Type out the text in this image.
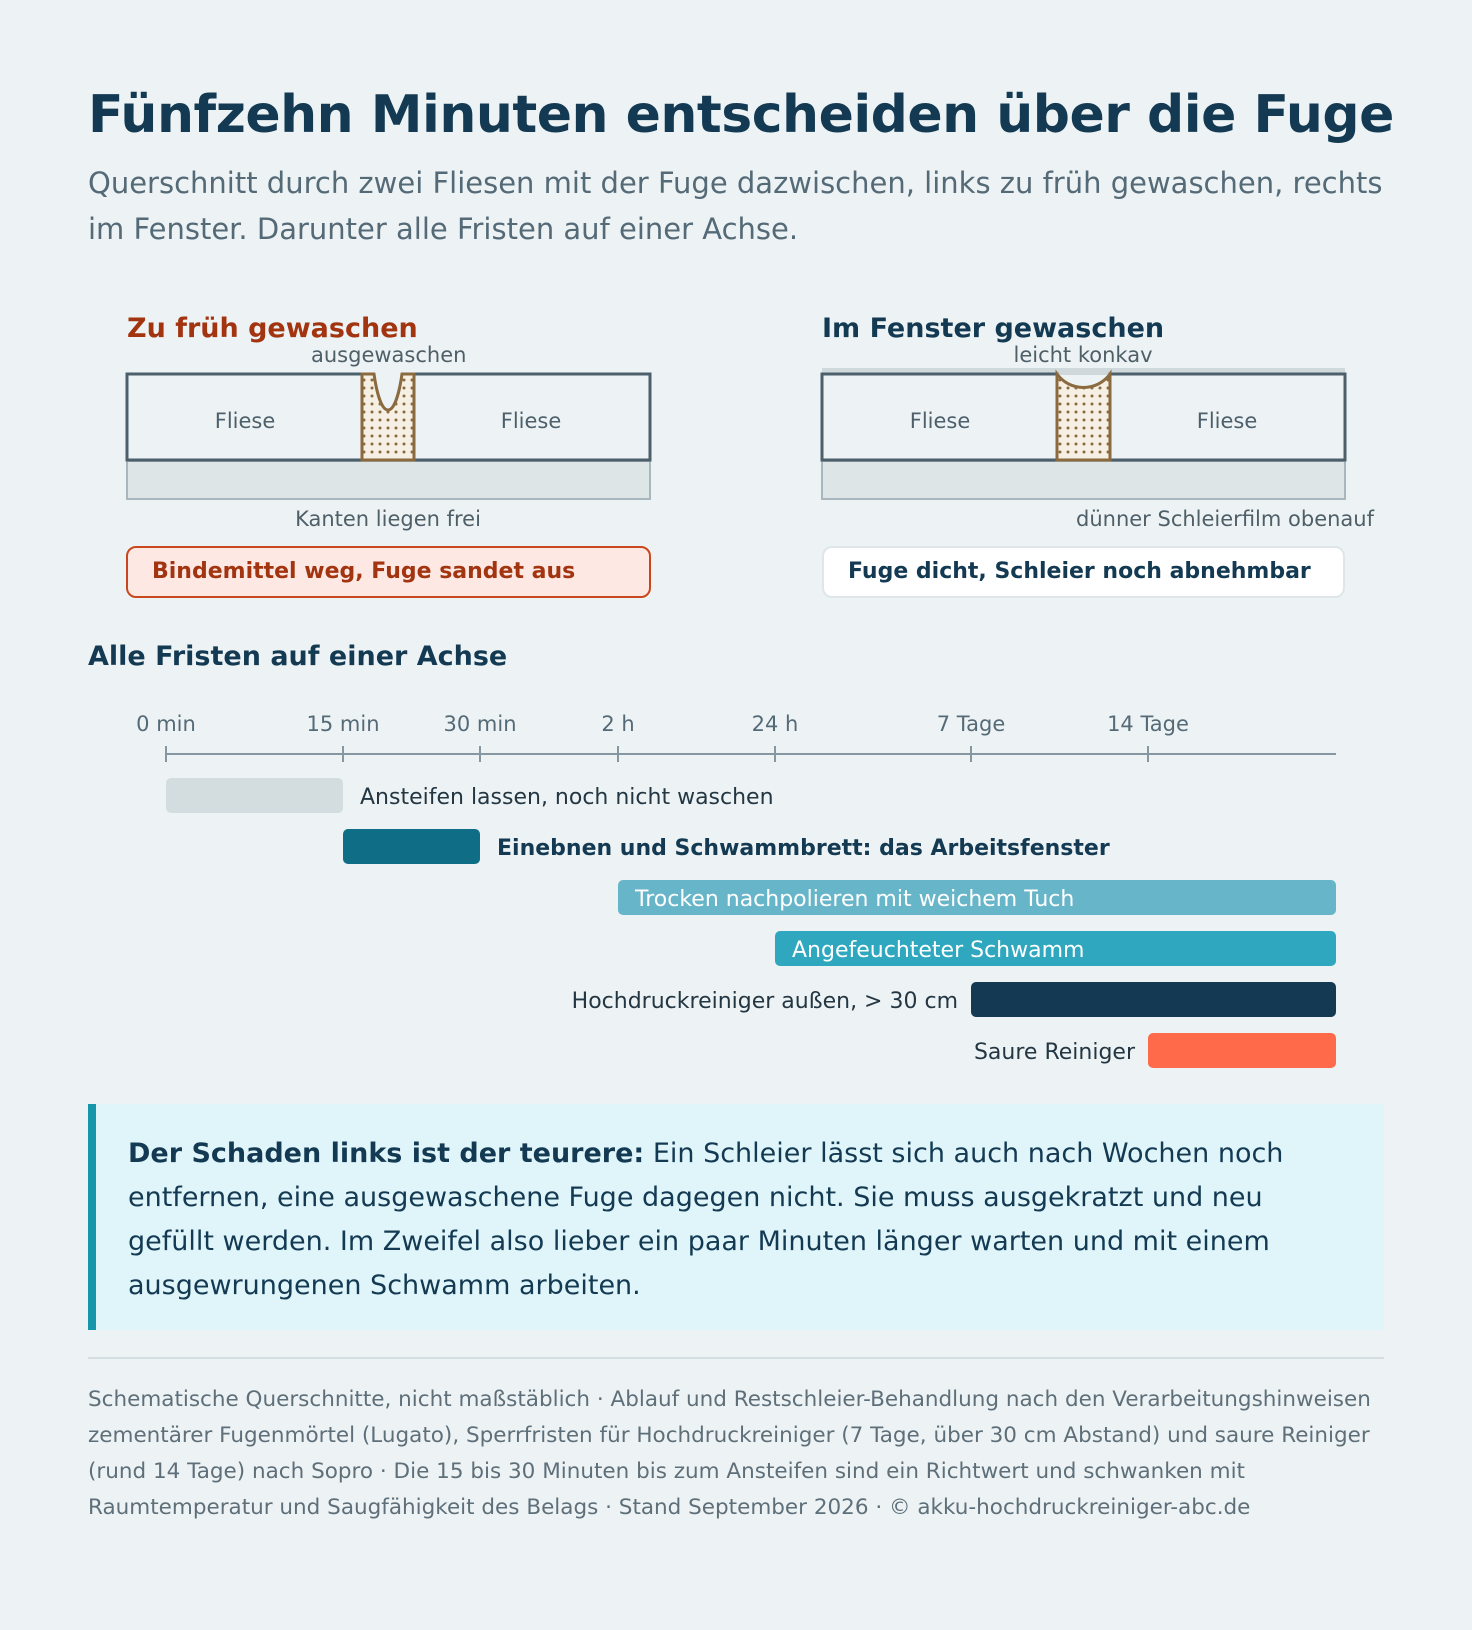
Fünfzehn Minuten entscheiden über die Fuge
Querschnitt durch zwei Fliesen mit der Fuge dazwischen, links zu früh gewaschen, rechts im Fenster. Darunter alle Fristen auf einer Achse.
Zu früh gewaschen
ausgewaschen
Fliese	Fliese
Kanten liegen frei
Bindemittel weg, Fuge sandet aus
Im Fenster gewaschen
leicht konkav
Fliese	Fliese
dünner Schleierfilm obenauf
Fuge dicht, Schleier noch abnehmbar
Alle Fristen auf einer Achse
0 min	15 min	30 min	2 h	24 h	7 Tage	14 Tage
Ansteifen lassen, noch nicht waschen
Einebnen und Schwammbrett: das Arbeitsfenster
Trocken nachpolieren mit weichem Tuch
Angefeuchteter Schwamm
Hochdruckreiniger außen, > 30 cm
Saure Reiniger
Der Schaden links ist der teurere: Ein Schleier lässt sich auch nach Wochen noch entfernen, eine ausgewaschene Fuge dagegen nicht. Sie muss ausgekratzt und neu gefüllt werden. Im Zweifel also lieber ein paar Minuten länger warten und mit einem ausgewrungenen Schwamm arbeiten.
Schematische Querschnitte, nicht maßstäblich · Ablauf und Restschleier-Behandlung nach den Verarbeitungshinweisen zementärer Fugenmörtel (Lugato), Sperrfristen für Hochdruckreiniger (7 Tage, über 30 cm Abstand) und saure Reiniger (rund 14 Tage) nach Sopro · Die 15 bis 30 Minuten bis zum Ansteifen sind ein Richtwert und schwanken mit Raumtemperatur und Saugfähigkeit des Belags · Stand September 2026 · © akku-hochdruckreiniger-abc.de
